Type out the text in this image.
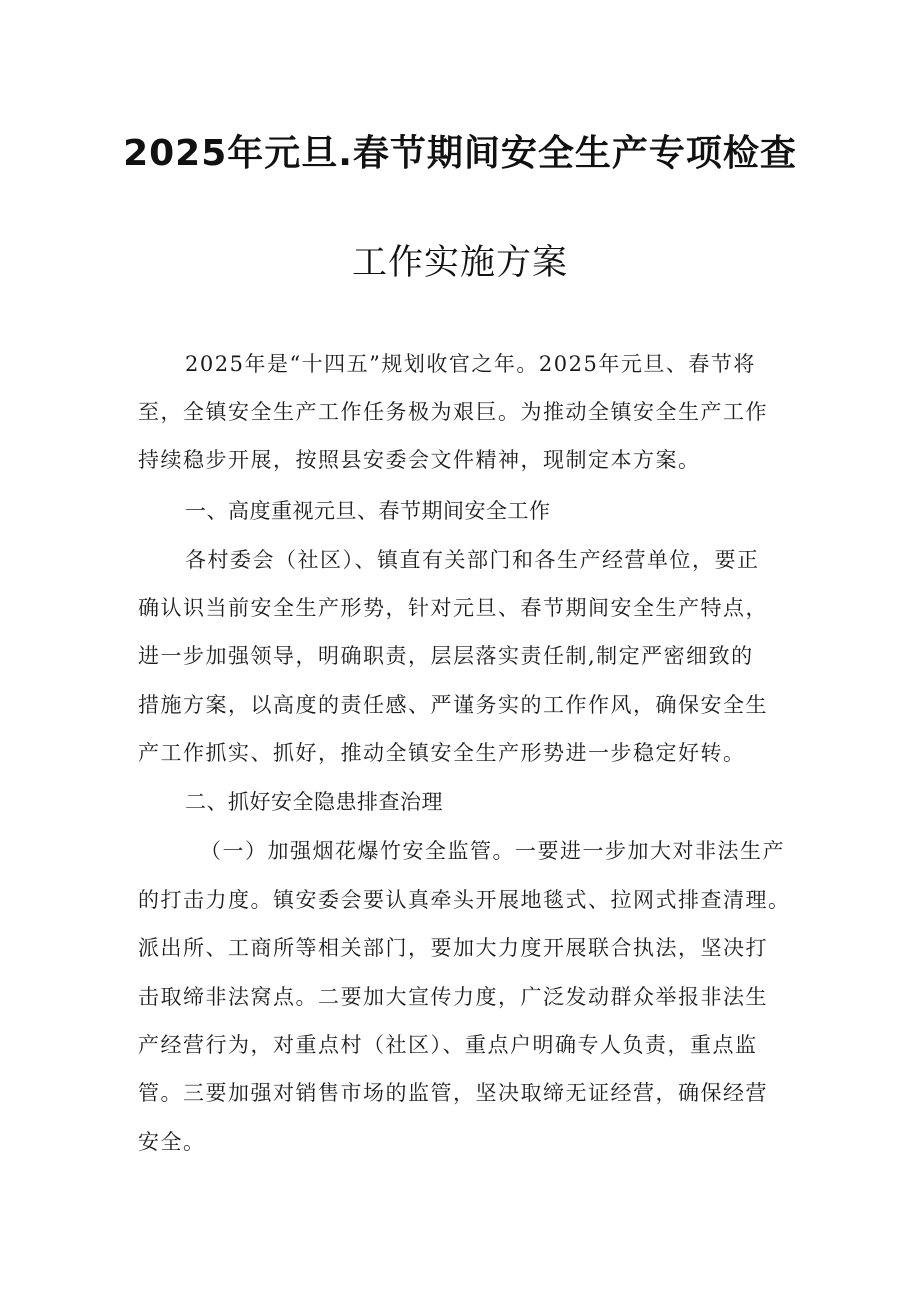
2025年元旦.春节期间安全生产专项检查
工作实施方案
2025年是“十四五”规划收官之年。2025年元旦、春节将
至，全镇安全生产工作任务极为艰巨。为推动全镇安全生产工作
持续稳步开展，按照县安委会文件精神，现制定本方案。
一、高度重视元旦、春节期间安全工作
各村委会（社区）、镇直有关部门和各生产经营单位，要正
确认识当前安全生产形势，针对元旦、春节期间安全生产特点，
进一步加强领导，明确职责，层层落实责任制,制定严密细致的
措施方案，以高度的责任感、严谨务实的工作作风，确保安全生
产工作抓实、抓好，推动全镇安全生产形势进一步稳定好转。
二、抓好安全隐患排查治理
（一）加强烟花爆竹安全监管。一要进一步加大对非法生产
的打击力度。镇安委会要认真牵头开展地毯式、拉网式排查清理。
派出所、工商所等相关部门，要加大力度开展联合执法，坚决打
击取缔非法窝点。二要加大宣传力度，广泛发动群众举报非法生
产经营行为，对重点村（社区）、重点户明确专人负责，重点监
管。三要加强对销售市场的监管，坚决取缔无证经营，确保经营
安全。
